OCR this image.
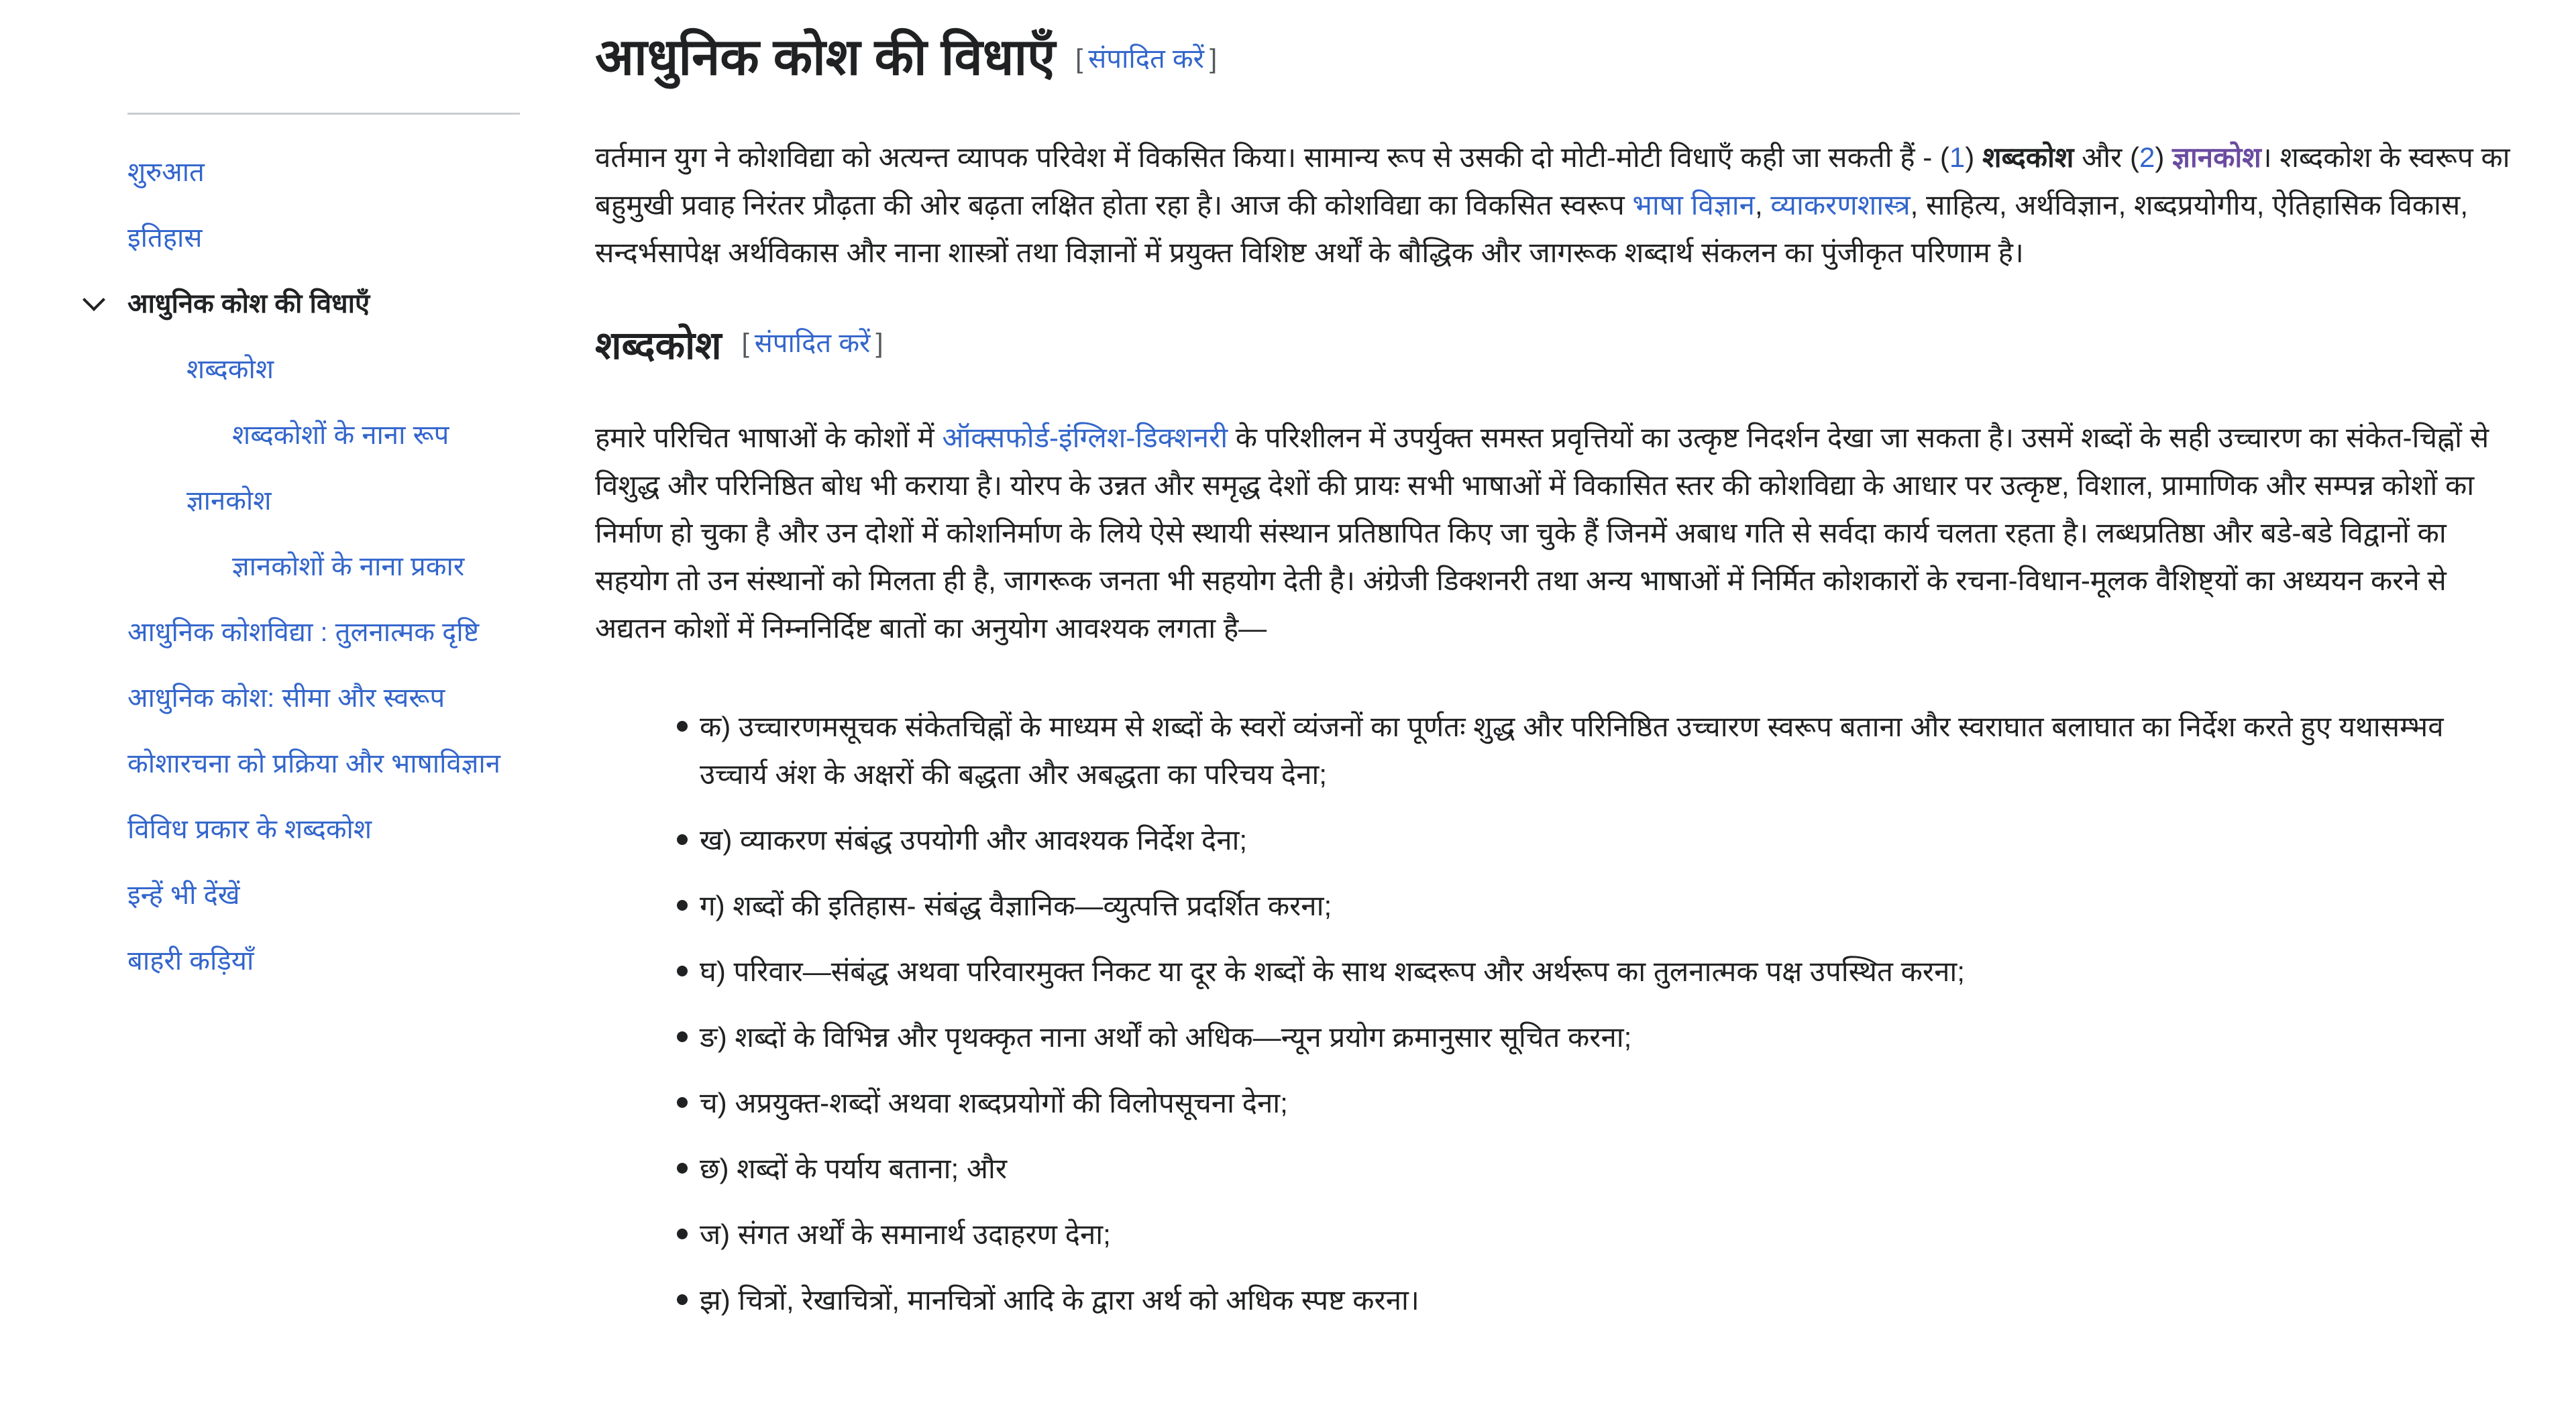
शुरुआत
इतिहास
आधुनिक कोश की विधाएँ
शब्दकोश
शब्दकोशों के नाना रूप
ज्ञानकोश
ज्ञानकोशों के नाना प्रकार
आधुनिक कोशविद्या : तुलनात्मक दृष्टि
आधुनिक कोश: सीमा और स्वरूप
कोशारचना को प्रक्रिया और भाषाविज्ञान
विविध प्रकार के शब्दकोश
इन्हें भी देंखें
बाहरी कड़ियाँ
आधुनिक कोश की विधाएँ [ संपादित करें ]

वर्तमान युग ने कोशविद्या को अत्यन्त व्यापक परिवेश में विकसित किया। सामान्य रूप से उसकी दो मोटी-मोटी विधाएँ कही जा सकती हैं - (1) शब्दकोश और (2) ज्ञानकोश। शब्दकोश के स्वरूप का बहुमुखी प्रवाह निरंतर प्रौढ़ता की ओर बढ़ता लक्षित होता रहा है। आज की कोशविद्या का विकसित स्वरूप भाषा विज्ञान, व्याकरणशास्त्र, साहित्य, अर्थविज्ञान, शब्दप्रयोगीय, ऐतिहासिक विकास, सन्दर्भसापेक्ष अर्थविकास और नाना शास्त्रों तथा विज्ञानों में प्रयुक्त विशिष्ट अर्थों के बौद्धिक और जागरूक शब्दार्थ संकलन का पुंजीकृत परिणाम है।

शब्दकोश [ संपादित करें ]

हमारे परिचित भाषाओं के कोशों में ऑक्सफोर्ड-इंग्लिश-डिक्शनरी के परिशीलन में उपर्युक्त समस्त प्रवृत्तियों का उत्कृष्ट निदर्शन देखा जा सकता है। उसमें शब्दों के सही उच्चारण का संकेत-चिह्नों से विशुद्ध और परिनिष्ठित बोध भी कराया है। योरप के उन्नत और समृद्ध देशों की प्रायः सभी भाषाओं में विकासित स्तर की कोशविद्या के आधार पर उत्कृष्ट, विशाल, प्रामाणिक और सम्पन्न कोशों का निर्माण हो चुका है और उन दोशों में कोशनिर्माण के लिये ऐसे स्थायी संस्थान प्रतिष्ठापित किए जा चुके हैं जिनमें अबाध गति से सर्वदा कार्य चलता रहता है। लब्धप्रतिष्ठा और बडे-बडे विद्वानों का सहयोग तो उन संस्थानों को मिलता ही है, जागरूक जनता भी सहयोग देती है। अंग्रेजी डिक्शनरी तथा अन्य भाषाओं में निर्मित कोशकारों के रचना-विधान-मूलक वैशिष्ट्यों का अध्ययन करने से अद्यतन कोशों में निम्ननिर्दिष्ट बातों का अनुयोग आवश्यक लगता है—

क) उच्चारणमसूचक संकेतचिह्नों के माध्यम से शब्दों के स्वरों व्यंजनों का पूर्णतः शुद्ध और परिनिष्ठित उच्चारण स्वरूप बताना और स्वराघात बलाघात का निर्देश करते हुए यथासम्भव उच्चार्य अंश के अक्षरों की बद्धता और अबद्धता का परिचय देना;
ख) व्याकरण संबंद्ध उपयोगी और आवश्यक निर्देश देना;
ग) शब्दों की इतिहास- संबंद्ध वैज्ञानिक—व्युत्पत्ति प्रदर्शित करना;
घ) परिवार—संबंद्ध अथवा परिवारमुक्त निकट या दूर के शब्दों के साथ शब्दरूप और अर्थरूप का तुलनात्मक पक्ष उपस्थित करना;
ङ) शब्दों के विभिन्न और पृथक्कृत नाना अर्थों को अधिक—न्यून प्रयोग क्रमानुसार सूचित करना;
च) अप्रयुक्त-शब्दों अथवा शब्दप्रयोगों की विलोपसूचना देना;
छ) शब्दों के पर्याय बताना; और
ज) संगत अर्थों के समानार्थ उदाहरण देना;
झ) चित्रों, रेखाचित्रों, मानचित्रों आदि के द्वारा अर्थ को अधिक स्पष्ट करना।
